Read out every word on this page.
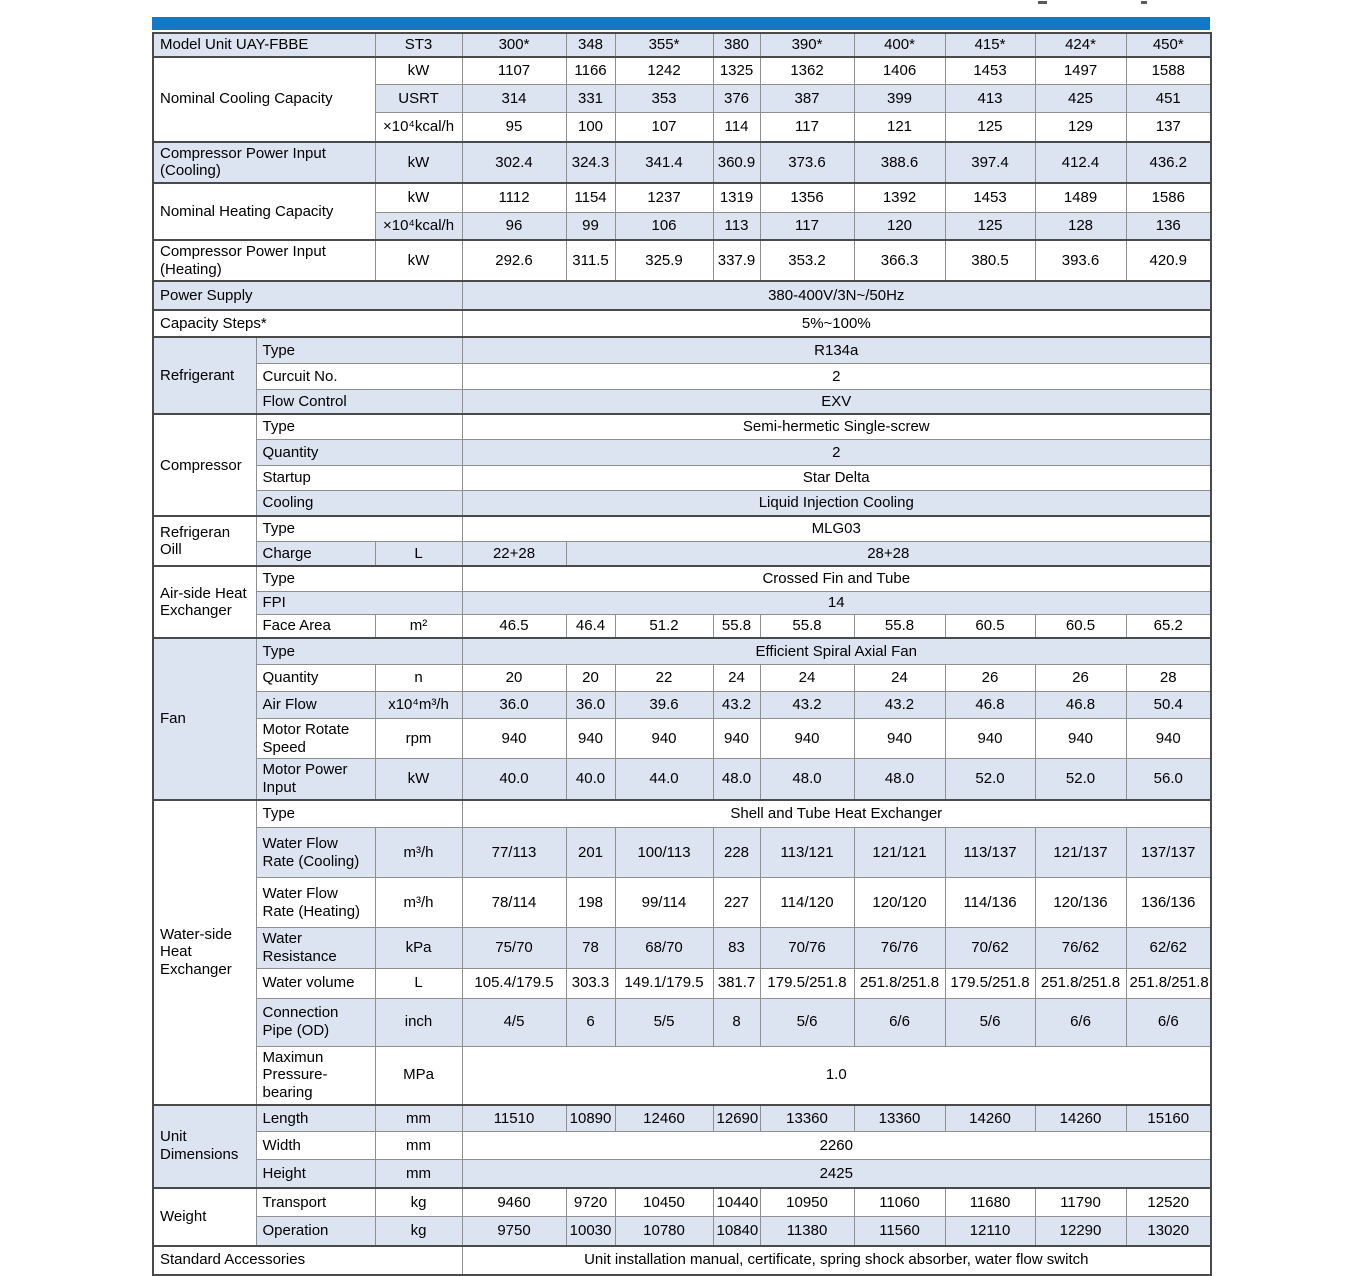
Model Unit UAY-FBBE		ST3	300*	348	355*	380	390*	400*	415*	424*	450*
Nominal Cooling Capacity		kW	1107	1166	1242	1325	1362	1406	1453	1497	1588
		USRT	314	331	353	376	387	399	413	425	451
		×10⁴kcal/h	95	100	107	114	117	121	125	129	137
Compressor Power Input (Cooling)		kW	302.4	324.3	341.4	360.9	373.6	388.6	397.4	412.4	436.2
Nominal Heating Capacity		kW	1112	1154	1237	1319	1356	1392	1453	1489	1586
		×10⁴kcal/h	96	99	106	113	117	120	125	128	136
Compressor Power Input (Heating)		kW	292.6	311.5	325.9	337.9	353.2	366.3	380.5	393.6	420.9
Power Supply			380-400V/3N~/50Hz								
Capacity Steps*			5%~100%								
Refrigerant	Type		R134a								
	Curcuit No.		2								
	Flow Control		EXV								
Compressor	Type		Semi-hermetic Single-screw								
	Quantity		2								
	Startup		Star Delta								
	Cooling		Liquid Injection Cooling								
Refrigeran Oill	Type		MLG03								
	Charge	L	22+28	28+28							
Air-side Heat Exchanger	Type		Crossed Fin and Tube								
	FPI		14								
	Face Area	m²	46.5	46.4	51.2	55.8	55.8	55.8	60.5	60.5	65.2
Fan	Type		Efficient Spiral Axial Fan								
	Quantity	n	20	20	22	24	24	24	26	26	28
	Air Flow	x10⁴m³/h	36.0	36.0	39.6	43.2	43.2	43.2	46.8	46.8	50.4
	Motor Rotate Speed	rpm	940	940	940	940	940	940	940	940	940
	Motor Power Input	kW	40.0	40.0	44.0	48.0	48.0	48.0	52.0	52.0	56.0
Water-side Heat Exchanger	Type		Shell and Tube Heat Exchanger								
	Water Flow Rate (Cooling)	m³/h	77/113	201	100/113	228	113/121	121/121	113/137	121/137	137/137
	Water Flow Rate (Heating)	m³/h	78/114	198	99/114	227	114/120	120/120	114/136	120/136	136/136
	Water Resistance	kPa	75/70	78	68/70	83	70/76	76/76	70/62	76/62	62/62
	Water volume	L	105.4/179.5	303.3	149.1/179.5	381.7	179.5/251.8	251.8/251.8	179.5/251.8	251.8/251.8	251.8/251.8
	Connection Pipe (OD)	inch	4/5	6	5/5	8	5/6	6/6	5/6	6/6	6/6
	Maximun Pressure-bearing	MPa	1.0								
Unit Dimensions	Length	mm	11510	10890	12460	12690	13360	13360	14260	14260	15160
	Width	mm	2260								
	Height	mm	2425								
Weight	Transport	kg	9460	9720	10450	10440	10950	11060	11680	11790	12520
	Operation	kg	9750	10030	10780	10840	11380	11560	12110	12290	13020
Standard Accessories			Unit installation manual, certificate, spring shock absorber, water flow switch								
